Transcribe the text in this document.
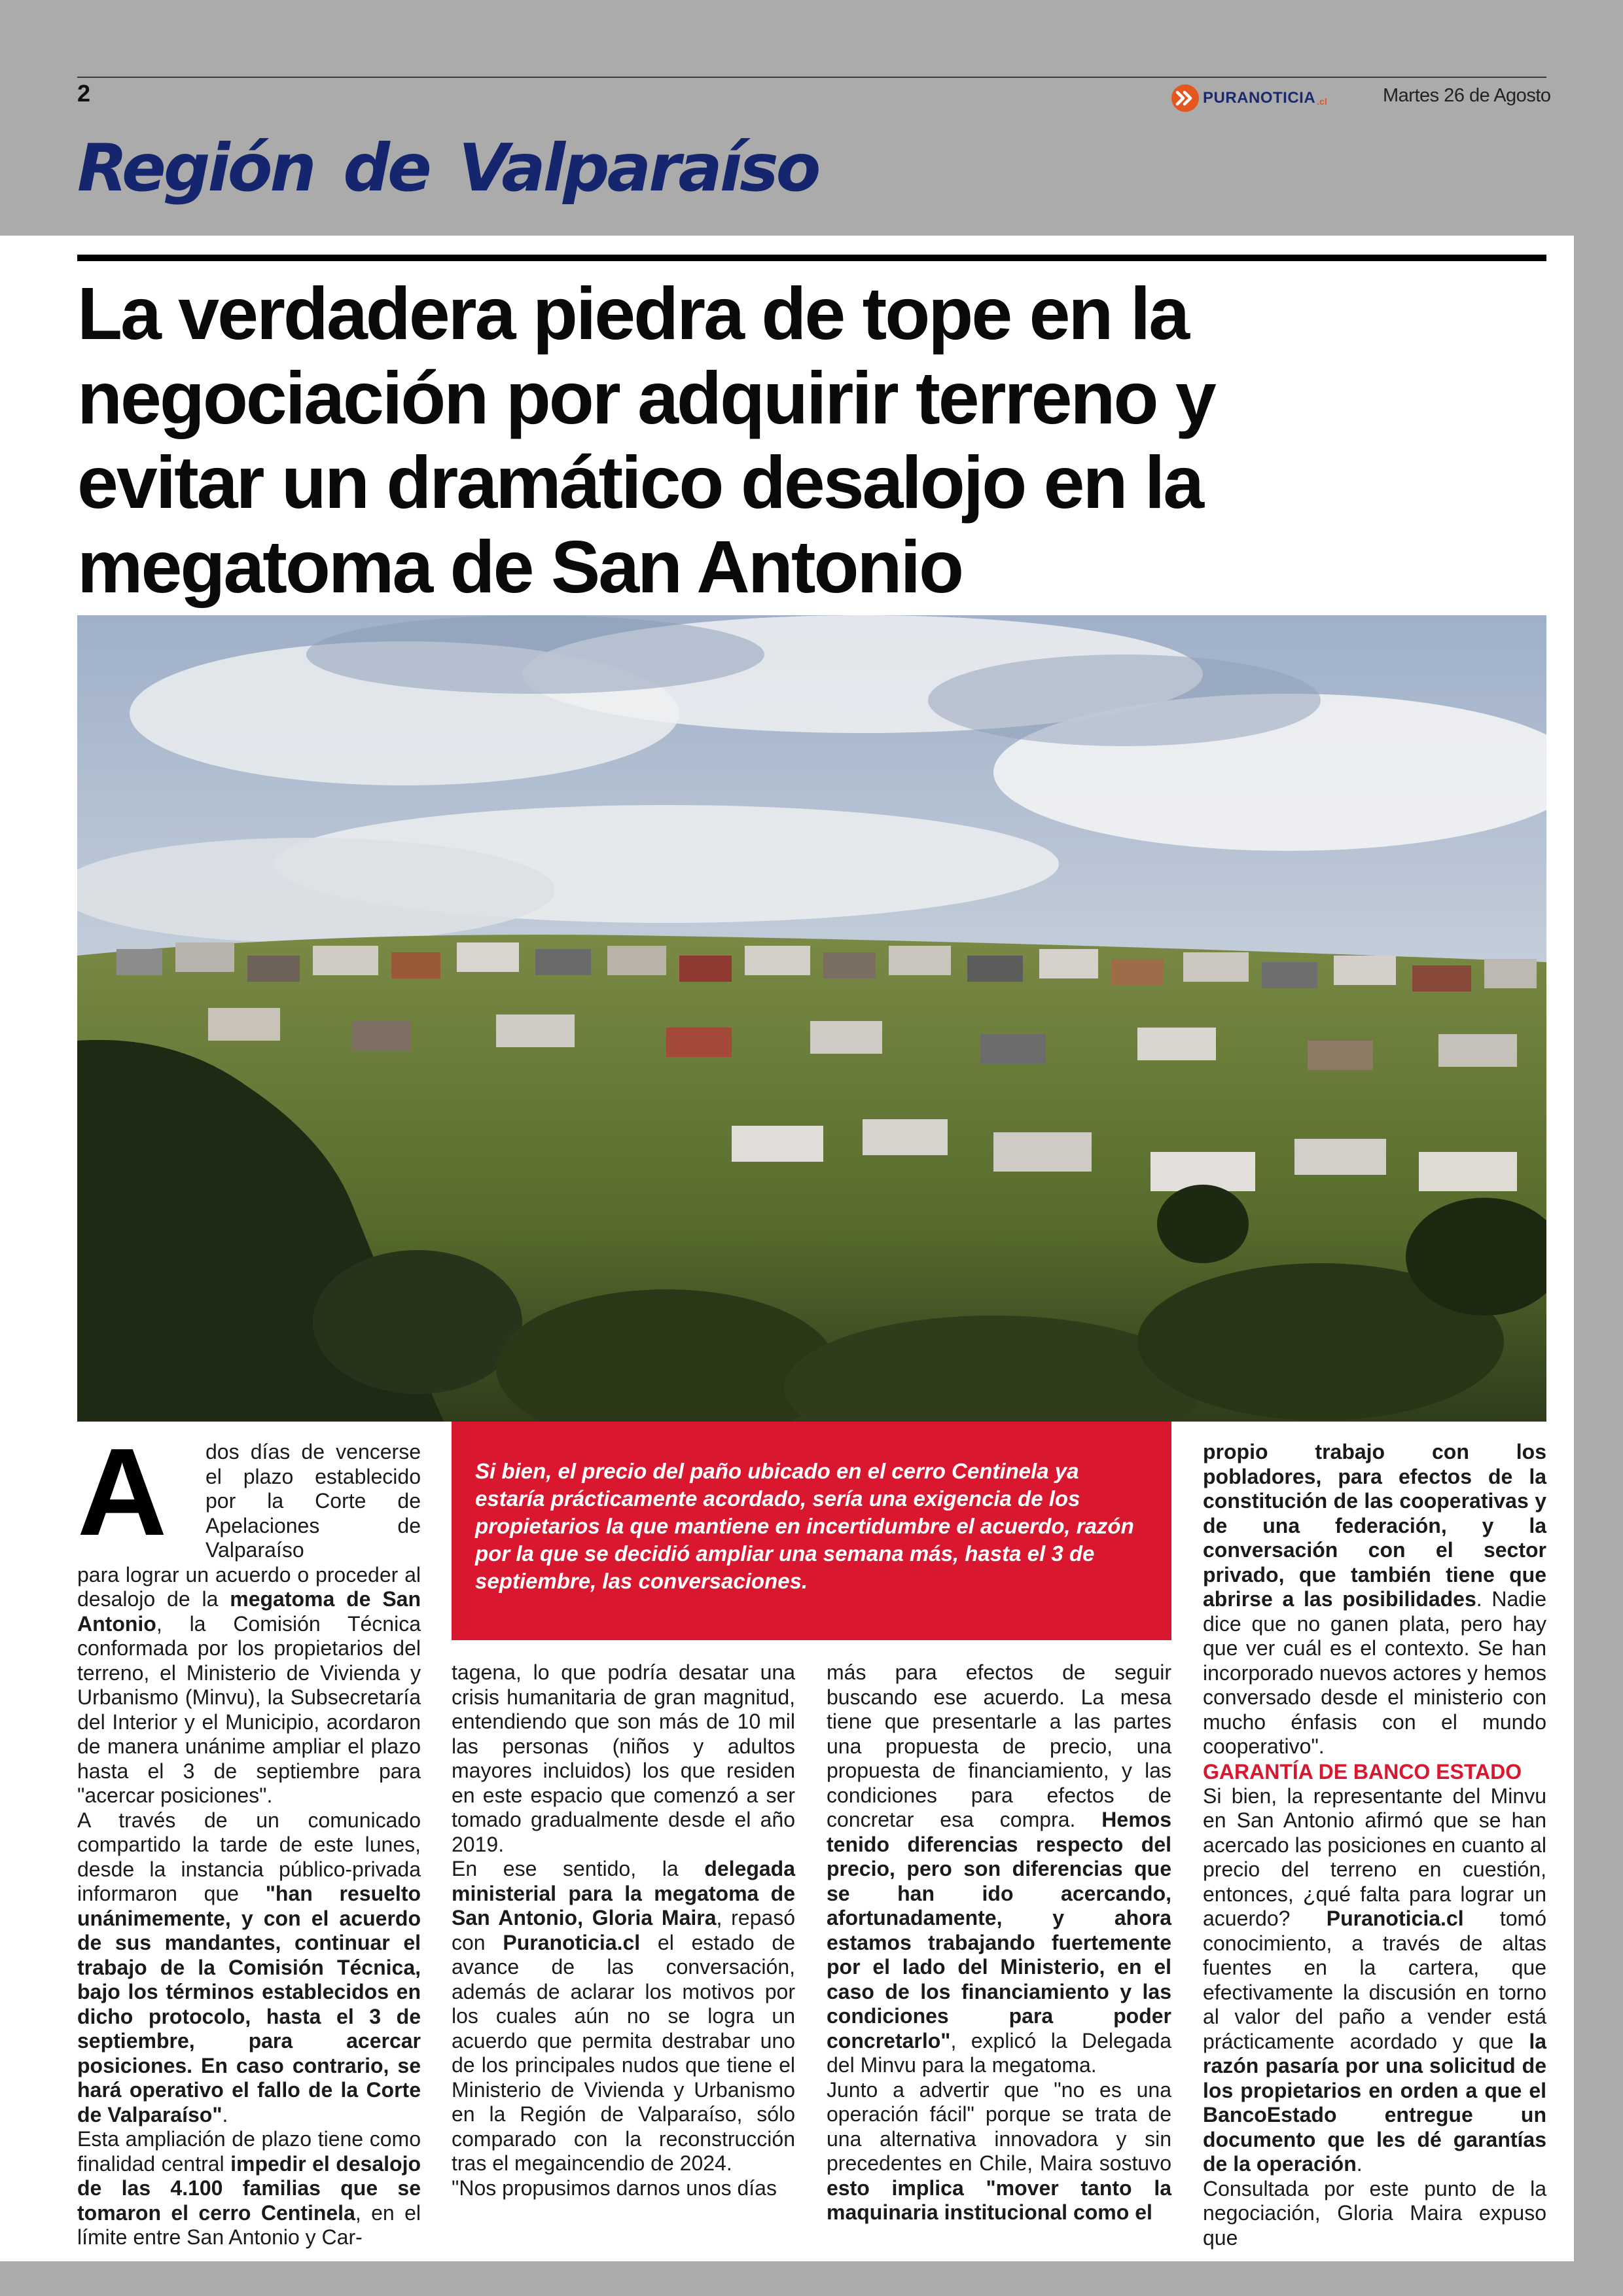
2	PURANOTICIA .cl	Martes 26 de Agosto
Región de Valparaíso
La verdadera piedra de tope en la
negociación por adquirir terreno y
evitar un dramático desalojo en la
megatoma de San Antonio
A	dos días de vencerse el plazo establecido por la Corte de Apelaciones de Valparaíso

para lograr un acuerdo o proceder al desalojo de la megatoma de San Antonio, la Comisión Técnica conformada por los propietarios del terreno, el Ministerio de Vivienda y Urbanismo (Minvu), la Subsecretaría del Interior y el Municipio, acordaron de manera unánime ampliar el plazo hasta el 3 de septiembre para "acercar posiciones".

A través de un comunicado compartido la tarde de este lunes, desde la instancia público-privada informaron que "han resuelto unánimemente, y con el acuerdo de sus mandantes, continuar el trabajo de la Comisión Técnica, bajo los términos establecidos en dicho protocolo, hasta el 3 de septiembre, para acercar posiciones. En caso contrario, se hará operativo el fallo de la Corte de Valparaíso".

Esta ampliación de plazo tiene como finalidad central impedir el desalojo de las 4.100 familias que se tomaron el cerro Centinela, en el límite entre San Antonio y Car-

Si bien, el precio del paño ubicado en el cerro Centinela ya estaría prácticamente acordado, sería una exigencia de los propietarios la que mantiene en incertidumbre el acuerdo, razón por la que se decidió ampliar una semana más, hasta el 3 de septiembre, las conversaciones.

tagena, lo que podría desatar una crisis humanitaria de gran magnitud, entendiendo que son más de 10 mil las personas (niños y adultos mayores incluidos) los que residen en este espacio que comenzó a ser tomado gradualmente desde el año 2019.

En ese sentido, la delegada ministerial para la megatoma de San Antonio, Gloria Maira, repasó con Puranoticia.cl el estado de avance de las conversación, además de aclarar los motivos por los cuales aún no se logra un acuerdo que permita destrabar uno de los principales nudos que tiene el Ministerio de Vivienda y Urbanismo en la Región de Valparaíso, sólo comparado con la reconstrucción tras el megaincendio de 2024.

"Nos propusimos darnos unos días

más para efectos de seguir buscando ese acuerdo. La mesa tiene que presentarle a las partes una propuesta de precio, una propuesta de financiamiento, y las condiciones para efectos de concretar esa compra. Hemos tenido diferencias respecto del precio, pero son diferencias que se han ido acercando, afortunadamente, y ahora estamos trabajando fuertemente por el lado del Ministerio, en el caso de los financiamiento y las condiciones para poder concretarlo", explicó la Delegada del Minvu para la megatoma.

Junto a advertir que "no es una operación fácil" porque se trata de una alternativa innovadora y sin precedentes en Chile, Maira sostuvo esto implica "mover tanto la maquinaria institucional como el

propio trabajo con los pobladores, para efectos de la constitución de las cooperativas y de una federación, y la conversación con el sector privado, que también tiene que abrirse a las posibilidades. Nadie dice que no ganen plata, pero hay que ver cuál es el contexto. Se han incorporado nuevos actores y hemos conversado desde el ministerio con mucho énfasis con el mundo cooperativo".

GARANTÍA DE BANCO ESTADO

Si bien, la representante del Minvu en San Antonio afirmó que se han acercado las posiciones en cuanto al precio del terreno en cuestión, entonces, ¿qué falta para lograr un acuerdo? Puranoticia.cl tomó conocimiento, a través de altas fuentes en la cartera, que efectivamente la discusión en torno al valor del paño a vender está prácticamente acordado y que la razón pasaría por una solicitud de los propietarios en orden a que el BancoEstado entregue un documento que les dé garantías de la operación.

Consultada por este punto de la negociación, Gloria Maira expuso que
